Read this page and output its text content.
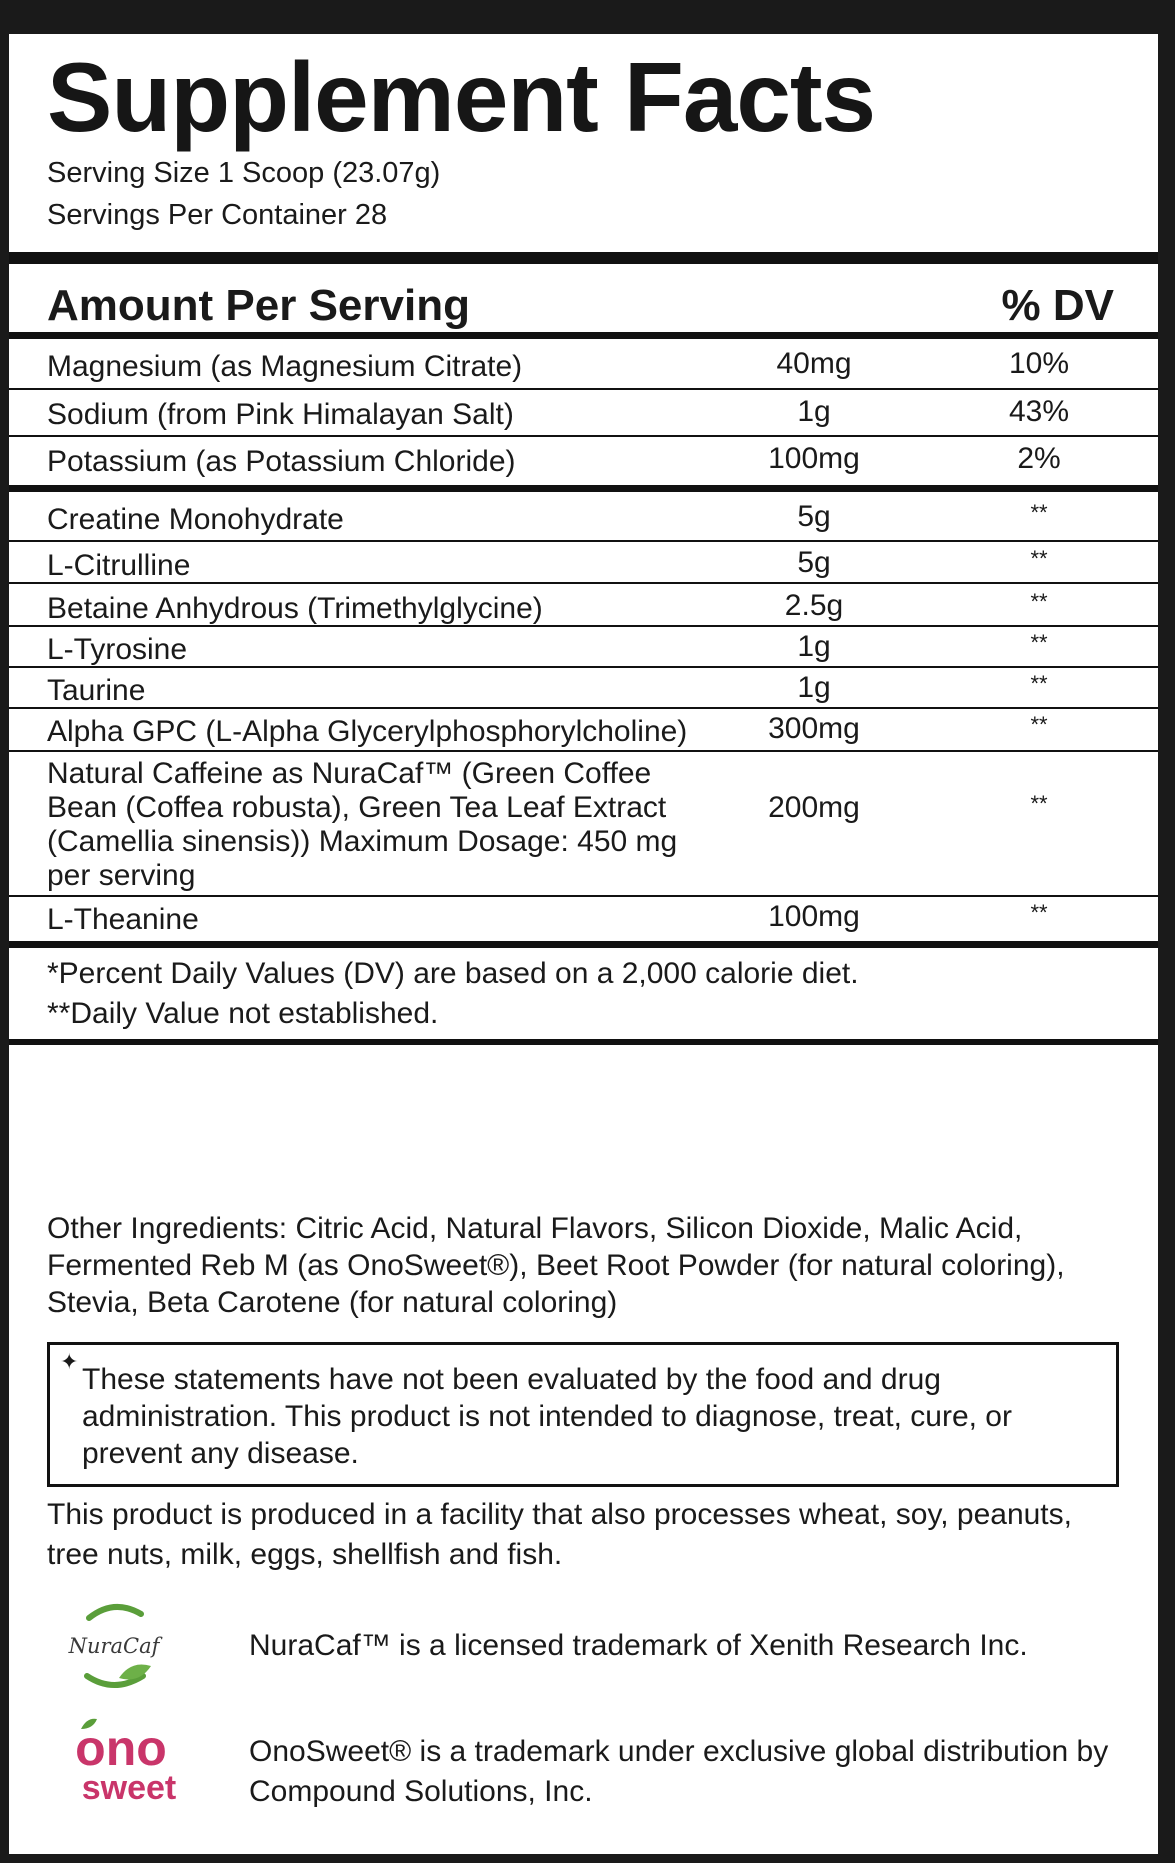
Supplement Facts
Serving Size 1 Scoop (23.07g)
Servings Per Container 28
Amount Per Serving	% DV
Magnesium (as Magnesium Citrate)	40mg	10%
Sodium (from Pink Himalayan Salt)	1g	43%
Potassium (as Potassium Chloride)	100mg	2%
Creatine Monohydrate	5g	**
L-Citrulline	5g	**
Betaine Anhydrous (Trimethylglycine)	2.5g	**
L-Tyrosine	1g	**
Taurine	1g	**
Alpha GPC (L-Alpha Glycerylphosphorylcholine)	300mg	**
Natural Caffeine as NuraCaf™ (Green Coffee
Bean (Coffea robusta), Green Tea Leaf Extract
(Camellia sinensis)) Maximum Dosage: 450 mg
per serving
200mg	**
L-Theanine	100mg	**
*Percent Daily Values (DV) are based on a 2,000 calorie diet.
**Daily Value not established.
Other Ingredients: Citric Acid, Natural Flavors, Silicon Dioxide, Malic Acid, Fermented Reb M (as OnoSweet®), Beet Root Powder (for natural coloring), Stevia, Beta Carotene (for natural coloring)
✦
These statements have not been evaluated by the food and drug administration. This product is not intended to diagnose, treat, cure, or prevent any disease.
This product is produced in a facility that also processes wheat, soy, peanuts, tree nuts, milk, eggs, shellfish and fish.
NuraCaf	NuraCaf™ is a licensed trademark of Xenith Research Inc.
ono
sweet
OnoSweet® is a trademark under exclusive global distribution by Compound Solutions, Inc.
